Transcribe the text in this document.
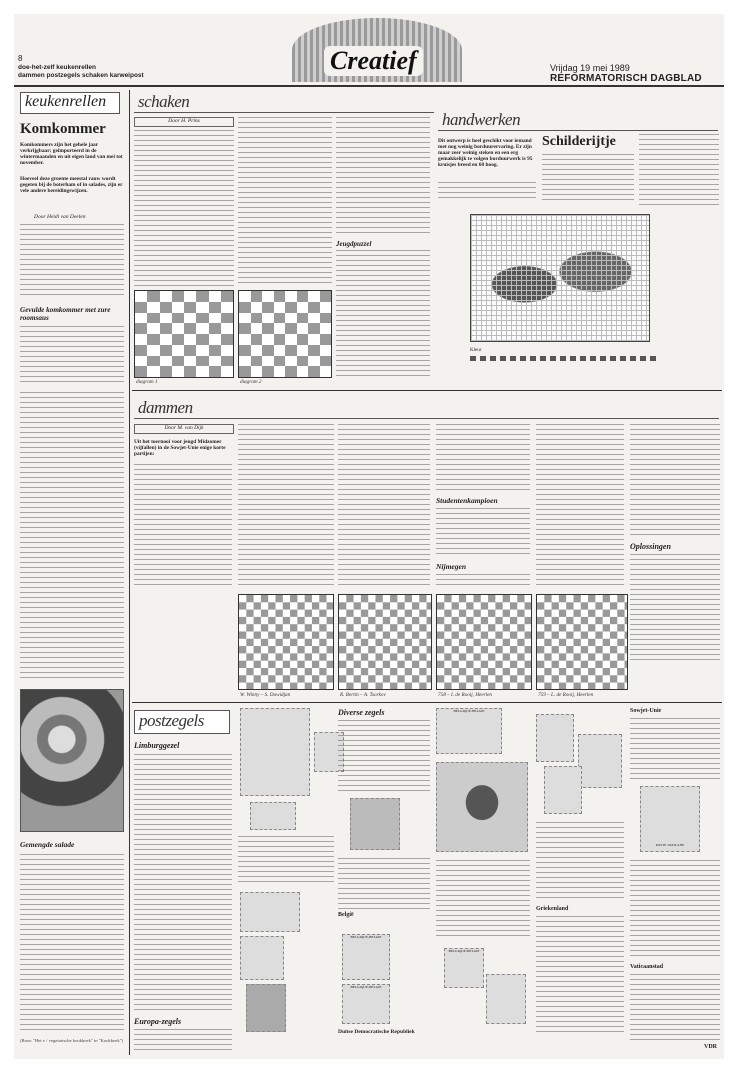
8
doe-het-zelf keukenrellen
dammen postzegels schaken karweipost
Creatief	Vrijdag 19 mei 1989
REFORMATORISCH DAGBLAD
keukenrellen
Komkommer
Komkommers zijn het gehele jaar verkrijgbaar; geïmporteerd in de wintermaanden en uit eigen land van mei tot november.
Hoeveel deze groente meestal rauw wordt gegeten bij de boterham of in salades, zijn er vele andere bereidingswijzen.
Door Heidi van Deelen
Gevulde komkommer met zure roomsaus
Gemengde salade
(Bron: "Het v / vegetarische kookboek" in "Kookboek")
schaken
Door H. Prins
Jeugdpuzzel
diagram 1	diagram 2
handwerken
Dit ontwerp is heel geschikt voor iemand met nog weinig borduurervaring. Er zijn maar zeer weinig steken en een erg gemakkelijk te volgen borduurwerk is 95 kruisjes breed en 60 hoog.
Schilderijtje
Kleur
dammen
Door M. van Dijk
Uit het toernooi voor jeugd Midzomer (vijfallen) in de Sowjet-Unie enige korte partijen:
Studentenkampioen
Nijmegen
Oplossingen
W. Winny – S. Dawidjan	R. Bertin – A. Tsorkov	758 – I. de Rooij, Heerlen	759 – L. de Rooij, Heerlen
postzegels
Limburggezel
Europa-zegels
Diverse zegels
België
BELGIQUE-BELGIE
BELGIQUE-BELGIE
Duitse Democratische Republiek
BELGIQUE-BELGIE
BELGIQUE-BELGIE
Griekenland
Sowjet-Unie
POSTE VATICANE
Vaticaanstad
VDR
